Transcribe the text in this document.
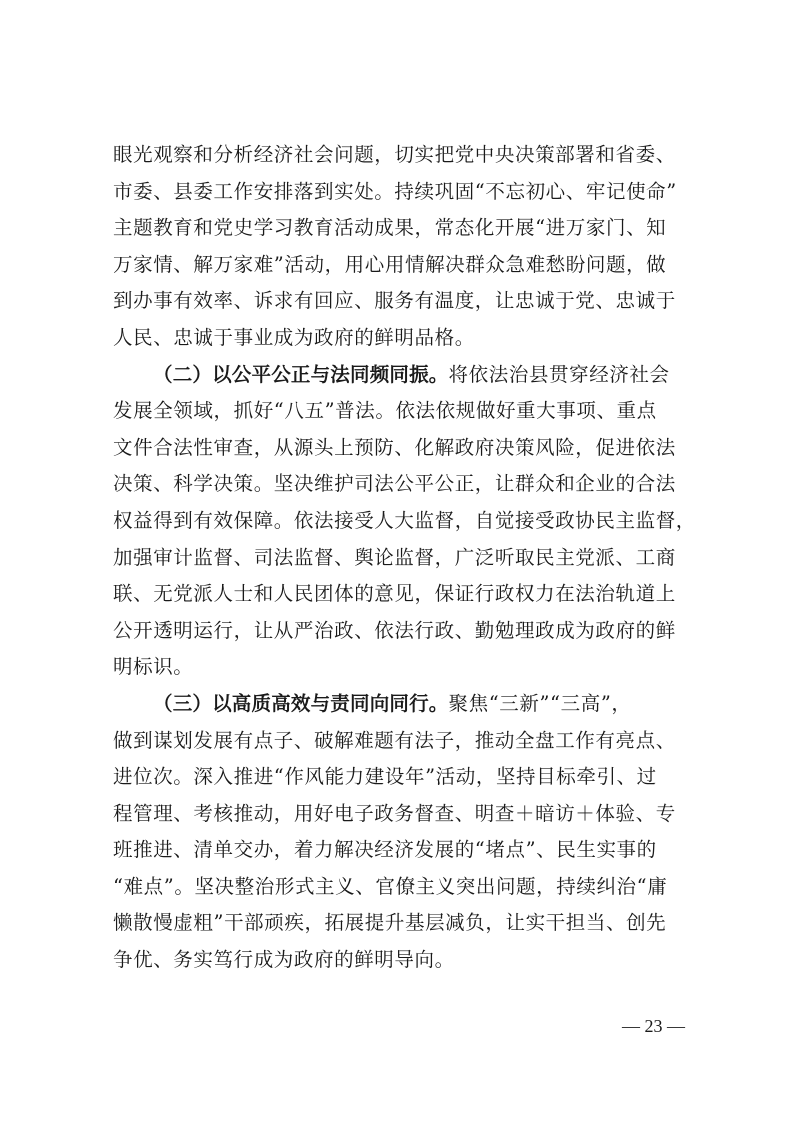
眼光观察和分析经济社会问题，切实把党中央决策部署和省委、
市委、县委工作安排落到实处。持续巩固“不忘初心、牢记使命”
主题教育和党史学习教育活动成果，常态化开展“进万家门、知
万家情、解万家难”活动，用心用情解决群众急难愁盼问题，做
到办事有效率、诉求有回应、服务有温度，让忠诚于党、忠诚于
人民、忠诚于事业成为政府的鲜明品格。

（二）以公平公正与法同频同振。将依法治县贯穿经济社会
发展全领域，抓好“八五”普法。依法依规做好重大事项、重点
文件合法性审查，从源头上预防、化解政府决策风险，促进依法
决策、科学决策。坚决维护司法公平公正，让群众和企业的合法
权益得到有效保障。依法接受人大监督，自觉接受政协民主监督，
加强审计监督、司法监督、舆论监督，广泛听取民主党派、工商
联、无党派人士和人民团体的意见，保证行政权力在法治轨道上
公开透明运行，让从严治政、依法行政、勤勉理政成为政府的鲜
明标识。

（三）以高质高效与责同向同行。聚焦“三新”“三高”，
做到谋划发展有点子、破解难题有法子，推动全盘工作有亮点、
进位次。深入推进“作风能力建设年”活动，坚持目标牵引、过
程管理、考核推动，用好电子政务督查、明查＋暗访＋体验、专
班推进、清单交办，着力解决经济发展的“堵点”、民生实事的
“难点”。坚决整治形式主义、官僚主义突出问题，持续纠治“庸
懒散慢虚粗”干部顽疾，拓展提升基层减负，让实干担当、创先
争优、务实笃行成为政府的鲜明导向。

— 23 —
